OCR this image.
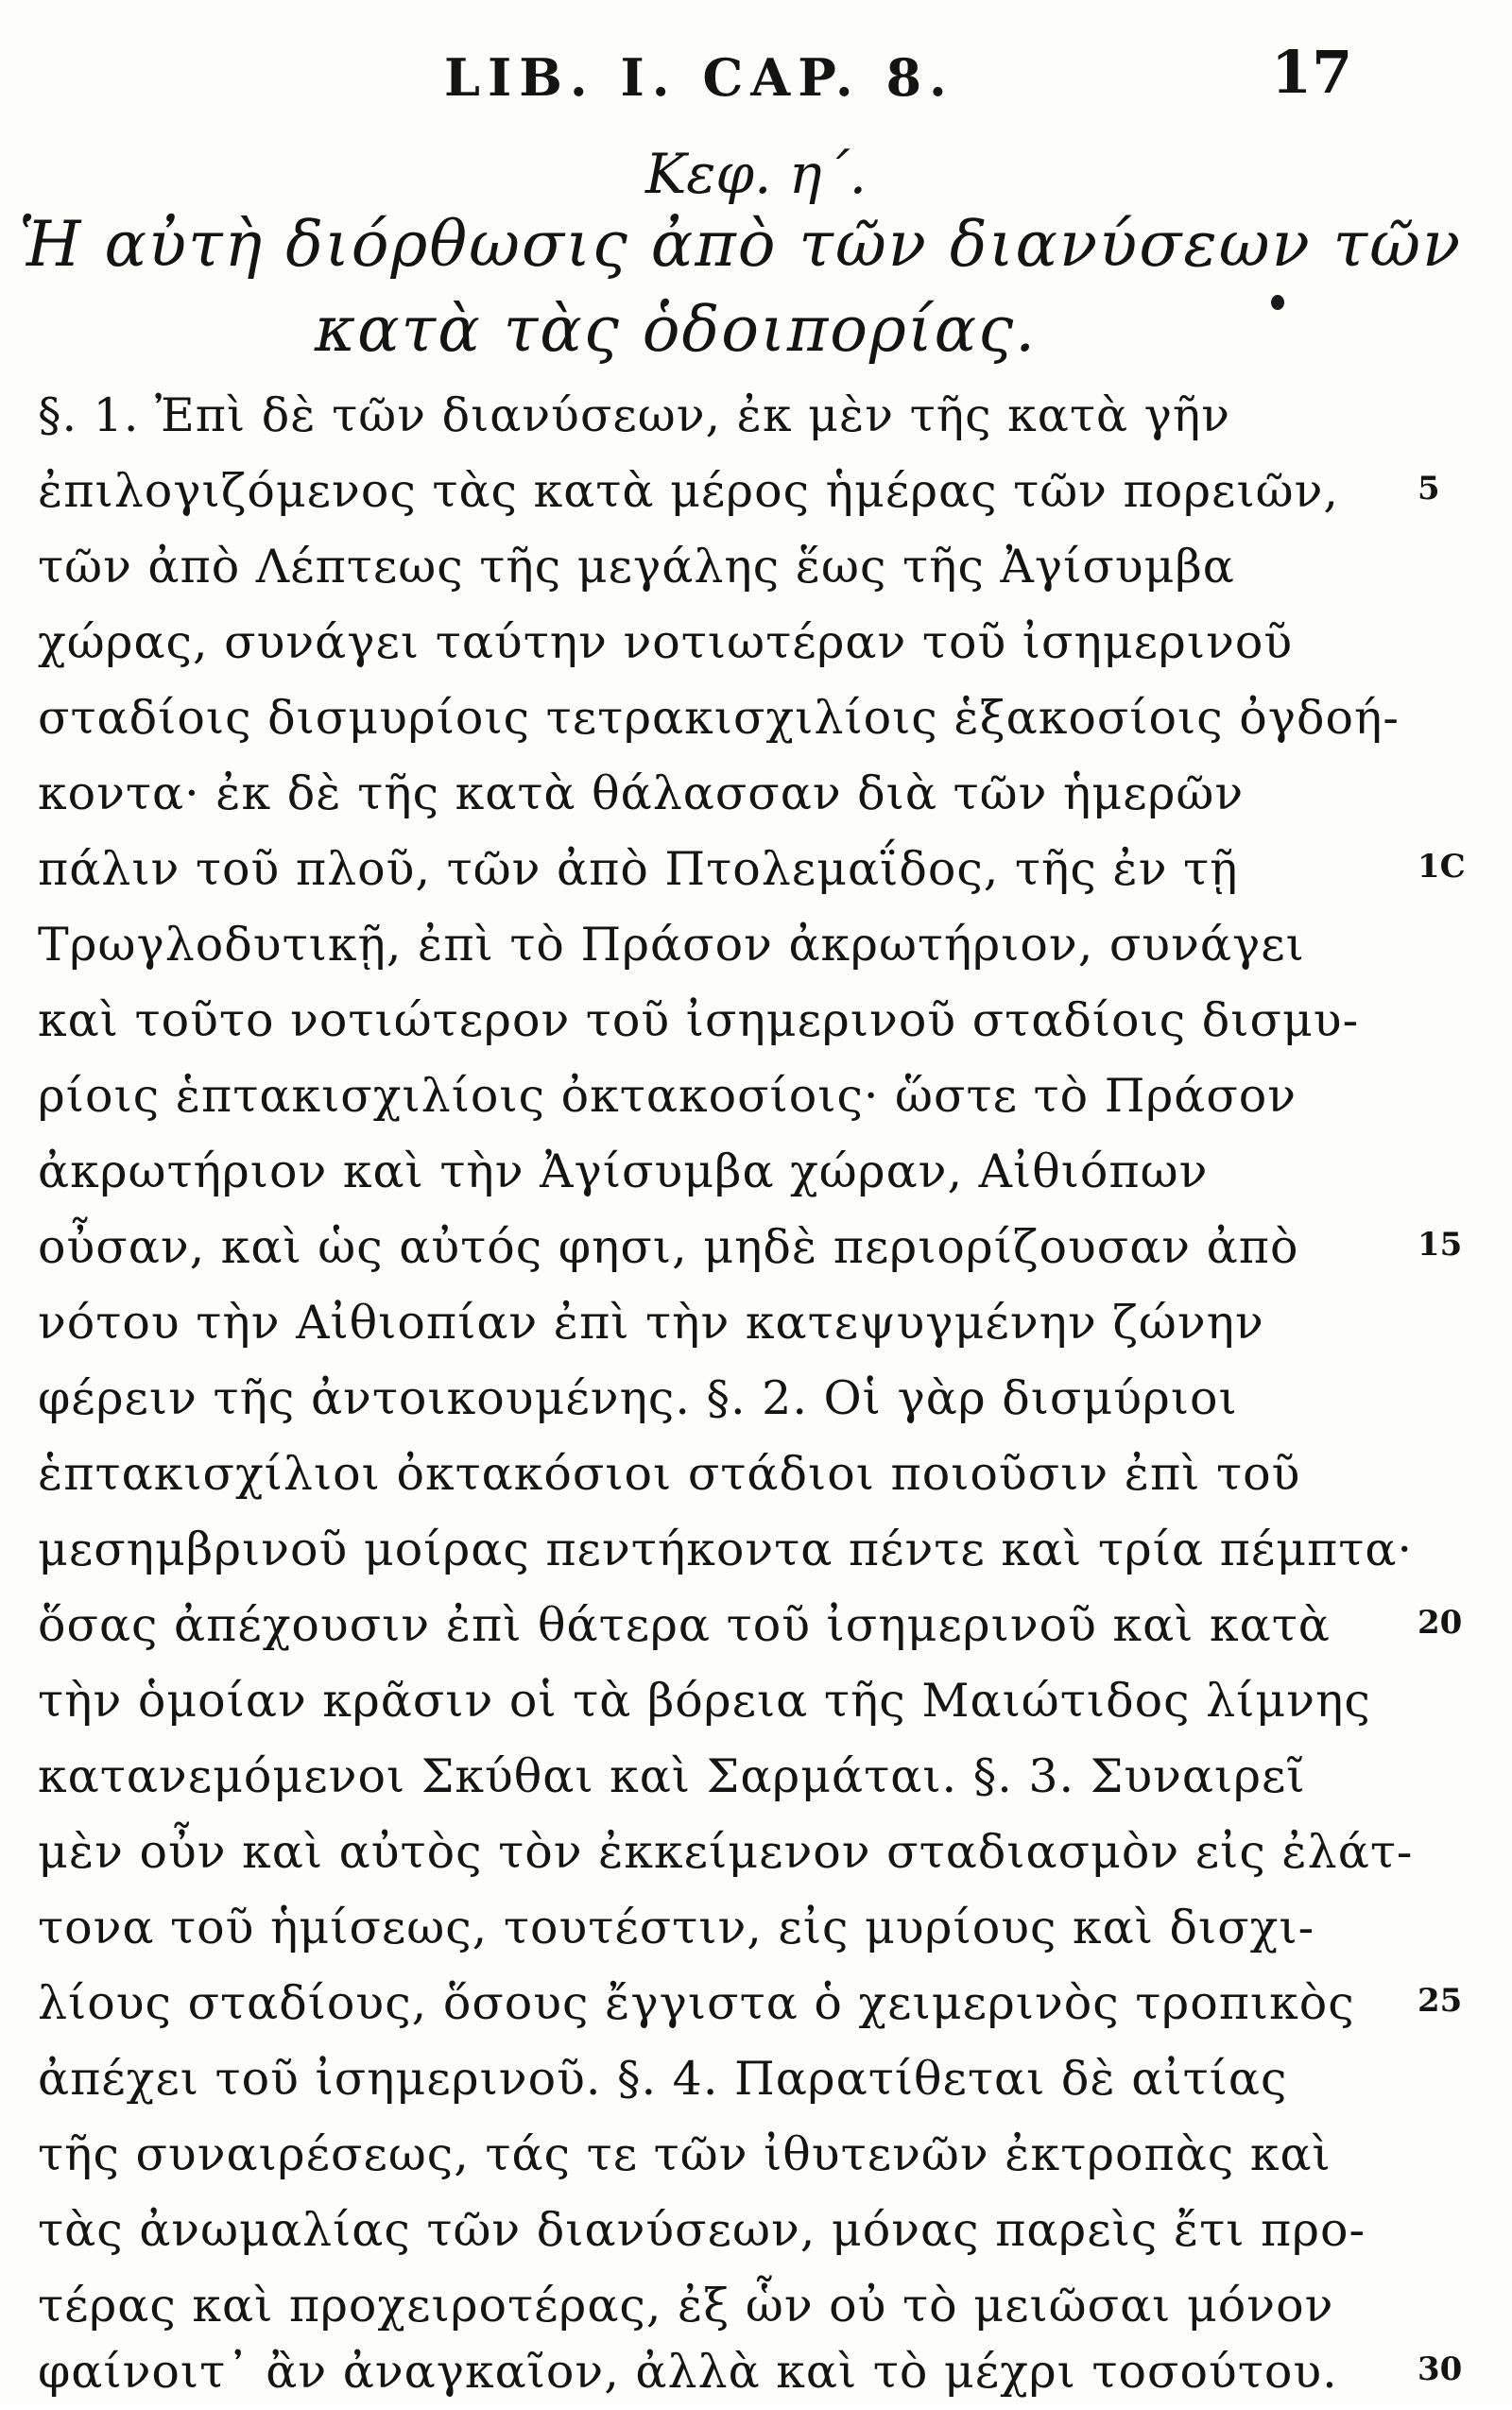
LIB. I. CAP. 8.	17
Κεφ. η΄.
Ἡ αὐτὴ διόρθωσις ἀπὸ τῶν διανύσεων τῶν
κατὰ τὰς ὁδοιπορίας.
§. 1. Ἐπὶ δὲ τῶν διανύσεων, ἐκ μὲν τῆς κατὰ γῆν
ἐπιλογιζόμενος τὰς κατὰ μέρος ἡμέρας τῶν πορειῶν,
τῶν ἀπὸ Λέπτεως τῆς μεγάλης ἕως τῆς Ἀγίσυμβα
χώρας, συνάγει ταύτην νοτιωτέραν τοῦ ἰσημερινοῦ
σταδίοις δισμυρίοις τετρακισχιλίοις ἑξακοσίοις ὀγδοή-
κοντα· ἐκ δὲ τῆς κατὰ θάλασσαν διὰ τῶν ἡμερῶν
πάλιν τοῦ πλοῦ, τῶν ἀπὸ Πτολεμαΐδος, τῆς ἐν τῇ
Τρωγλοδυτικῇ, ἐπὶ τὸ Πράσον ἀκρωτήριον, συνάγει
καὶ τοῦτο νοτιώτερον τοῦ ἰσημερινοῦ σταδίοις δισμυ-
ρίοις ἑπτακισχιλίοις ὀκτακοσίοις· ὥστε τὸ Πράσον
ἀκρωτήριον καὶ τὴν Ἀγίσυμβα χώραν, Αἰθιόπων
οὖσαν, καὶ ὡς αὐτός φησι, μηδὲ περιορίζουσαν ἀπὸ
νότου τὴν Αἰθιοπίαν ἐπὶ τὴν κατεψυγμένην ζώνην
φέρειν τῆς ἀντοικουμένης. §. 2. Οἱ γὰρ δισμύριοι
ἑπτακισχίλιοι ὀκτακόσιοι στάδιοι ποιοῦσιν ἐπὶ τοῦ
μεσημβρινοῦ μοίρας πεντήκοντα πέντε καὶ τρία πέμπτα·
ὅσας ἀπέχουσιν ἐπὶ θάτερα τοῦ ἰσημερινοῦ καὶ κατὰ
τὴν ὁμοίαν κρᾶσιν οἱ τὰ βόρεια τῆς Μαιώτιδος λίμνης
κατανεμόμενοι Σκύθαι καὶ Σαρμάται. §. 3. Συναιρεῖ
μὲν οὖν καὶ αὐτὸς τὸν ἐκκείμενον σταδιασμὸν εἰς ἐλάτ-
τονα τοῦ ἡμίσεως, τουτέστιν, εἰς μυρίους καὶ δισχι-
λίους σταδίους, ὅσους ἔγγιστα ὁ χειμερινὸς τροπικὸς
ἀπέχει τοῦ ἰσημερινοῦ. §. 4. Παρατίθεται δὲ αἰτίας
τῆς συναιρέσεως, τάς τε τῶν ἰθυτενῶν ἐκτροπὰς καὶ
τὰς ἀνωμαλίας τῶν διανύσεων, μόνας παρεὶς ἔτι προ-
τέρας καὶ προχειροτέρας, ἐξ ὧν οὐ τὸ μειῶσαι μόνον
φαίνοιτ᾽ ἂν ἀναγκαῖον, ἀλλὰ καὶ τὸ μέχρι τοσούτου.
5
1C
15
20
25
30
